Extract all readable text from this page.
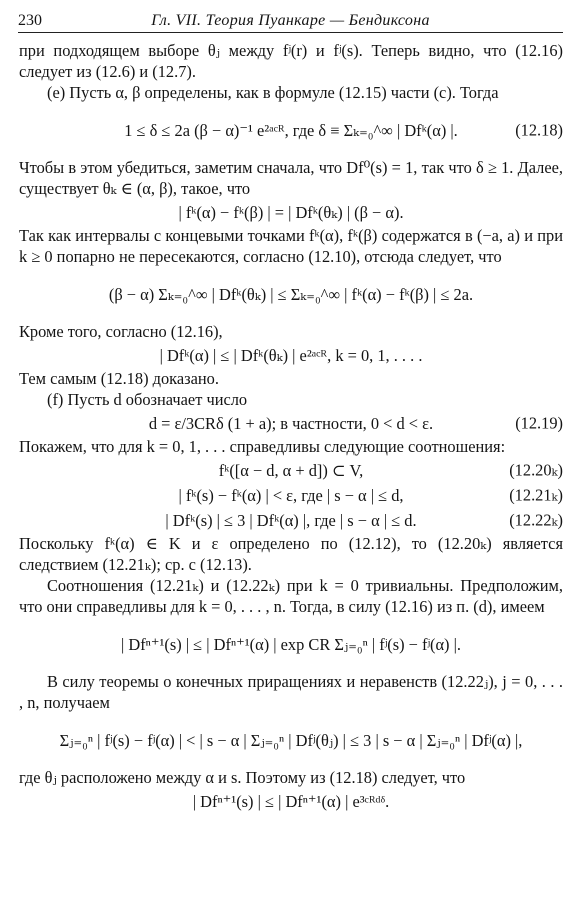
230	Гл. VII. Теория Пуанкаре — Бендиксона

при подходящем выборе θⱼ между fʲ(r) и fʲ(s). Теперь видно, что (12.16) следует из (12.6) и (12.7).

(e) Пусть α, β определены, как в формуле (12.15) части (c). Тогда

1 ≤ δ ≤ 2a (β − α)⁻¹ e²ᵃᶜᴿ, где δ ≡ Σₖ₌₀^∞ | Dfᵏ(α) |.	(12.18)

Чтобы в этом убедиться, заметим сначала, что Df⁰(s) = 1, так что δ ≥ 1. Далее, существует θₖ ∈ (α, β), такое, что

| fᵏ(α) − fᵏ(β) | = | Dfᵏ(θₖ) | (β − α).

Так как интервалы с концевыми точками fᵏ(α), fᵏ(β) содержатся в (−a, a) и при k ≥ 0 попарно не пересекаются, согласно (12.10), отсюда следует, что

(β − α) Σₖ₌₀^∞ | Dfᵏ(θₖ) | ≤ Σₖ₌₀^∞ | fᵏ(α) − fᵏ(β) | ≤ 2a.

Кроме того, согласно (12.16),

| Dfᵏ(α) | ≤ | Dfᵏ(θₖ) | e²ᵃᶜᴿ, k = 0, 1, . . . .

Тем самым (12.18) доказано.

(f) Пусть d обозначает число

d = ε/3CRδ (1 + a); в частности, 0 < d < ε.	(12.19)

Покажем, что для k = 0, 1, . . . справедливы следующие соотношения:

fᵏ([α − d, α + d]) ⊂ V,	(12.20ₖ)
| fᵏ(s) − fᵏ(α) | < ε, где | s − α | ≤ d,	(12.21ₖ)
| Dfᵏ(s) | ≤ 3 | Dfᵏ(α) |, где | s − α | ≤ d.	(12.22ₖ)

Поскольку fᵏ(α) ∈ K и ε определено по (12.12), то (12.20ₖ) является следствием (12.21ₖ); ср. с (12.13).

Соотношения (12.21ₖ) и (12.22ₖ) при k = 0 тривиальны. Предположим, что они справедливы для k = 0, . . . , n. Тогда, в силу (12.16) из п. (d), имеем

| Dfⁿ⁺¹(s) | ≤ | Dfⁿ⁺¹(α) | exp CR Σⱼ₌₀ⁿ | fʲ(s) − fʲ(α) |.

В силу теоремы о конечных приращениях и неравенств (12.22ⱼ), j = 0, . . . , n, получаем

Σⱼ₌₀ⁿ | fʲ(s) − fʲ(α) | < | s − α | Σⱼ₌₀ⁿ | Dfʲ(θⱼ) | ≤ 3 | s − α | Σⱼ₌₀ⁿ | Dfʲ(α) |,

где θⱼ расположено между α и s. Поэтому из (12.18) следует, что

| Dfⁿ⁺¹(s) | ≤ | Dfⁿ⁺¹(α) | e³ᶜᴿᵈᵟ.
